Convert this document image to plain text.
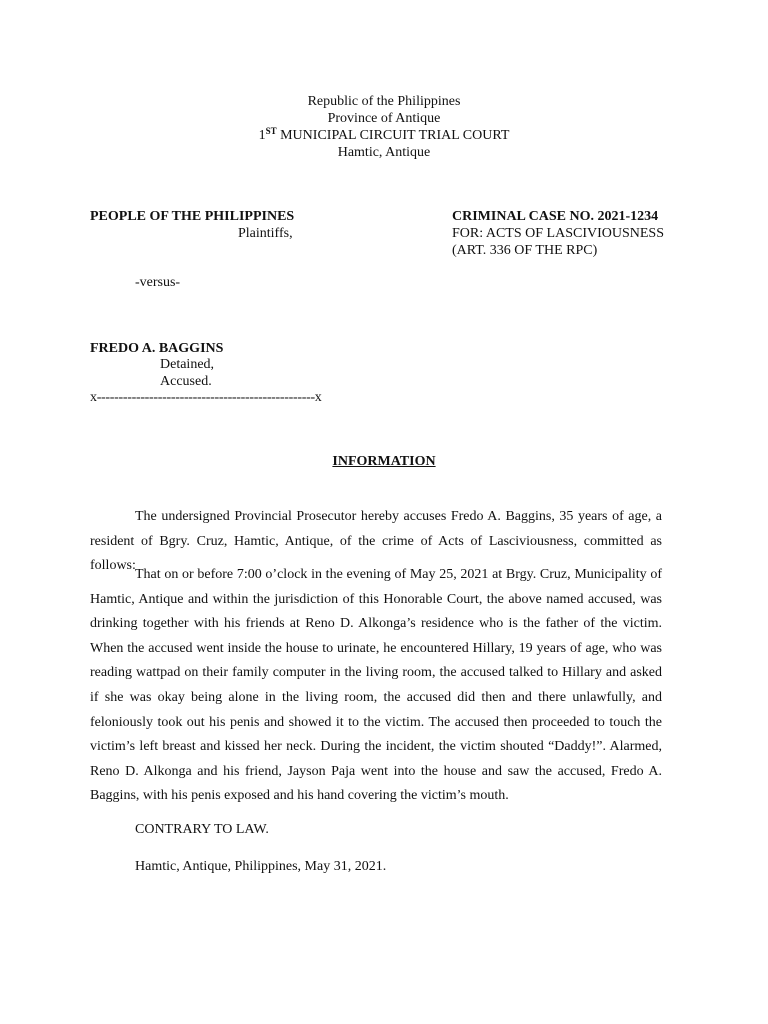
Republic of the Philippines
Province of Antique
1ST MUNICIPAL CIRCUIT TRIAL COURT
Hamtic, Antique
PEOPLE OF THE PHILIPPINES
Plaintiffs,
CRIMINAL CASE NO. 2021-1234
FOR: ACTS OF LASCIVIOUSNESS
(ART. 336 OF THE RPC)
-versus-
FREDO A. BAGGINS
Detained,
Accused.
x--------------------------------------------------x
INFORMATION

The undersigned Provincial Prosecutor hereby accuses Fredo A. Baggins, 35 years of age, a resident of Bgry. Cruz, Hamtic, Antique, of the crime of Acts of Lasciviousness, committed as follows:

That on or before 7:00 o’clock in the evening of May 25, 2021 at Brgy. Cruz, Municipality of Hamtic, Antique and within the jurisdiction of this Honorable Court, the above named accused, was drinking together with his friends at Reno D. Alkonga’s residence who is the father of the victim. When the accused went inside the house to urinate, he encountered Hillary, 19 years of age, who was reading wattpad on their family computer in the living room, the accused talked to Hillary and asked if she was okay being alone in the living room, the accused did then and there unlawfully, and feloniously took out his penis and showed it to the victim. The accused then proceeded to touch the victim’s left breast and kissed her neck. During the incident, the victim shouted “Daddy!”. Alarmed, Reno D. Alkonga and his friend, Jayson Paja went into the house and saw the accused, Fredo A. Baggins, with his penis exposed and his hand covering the victim’s mouth.

CONTRARY TO LAW.
Hamtic, Antique, Philippines, May 31, 2021.
